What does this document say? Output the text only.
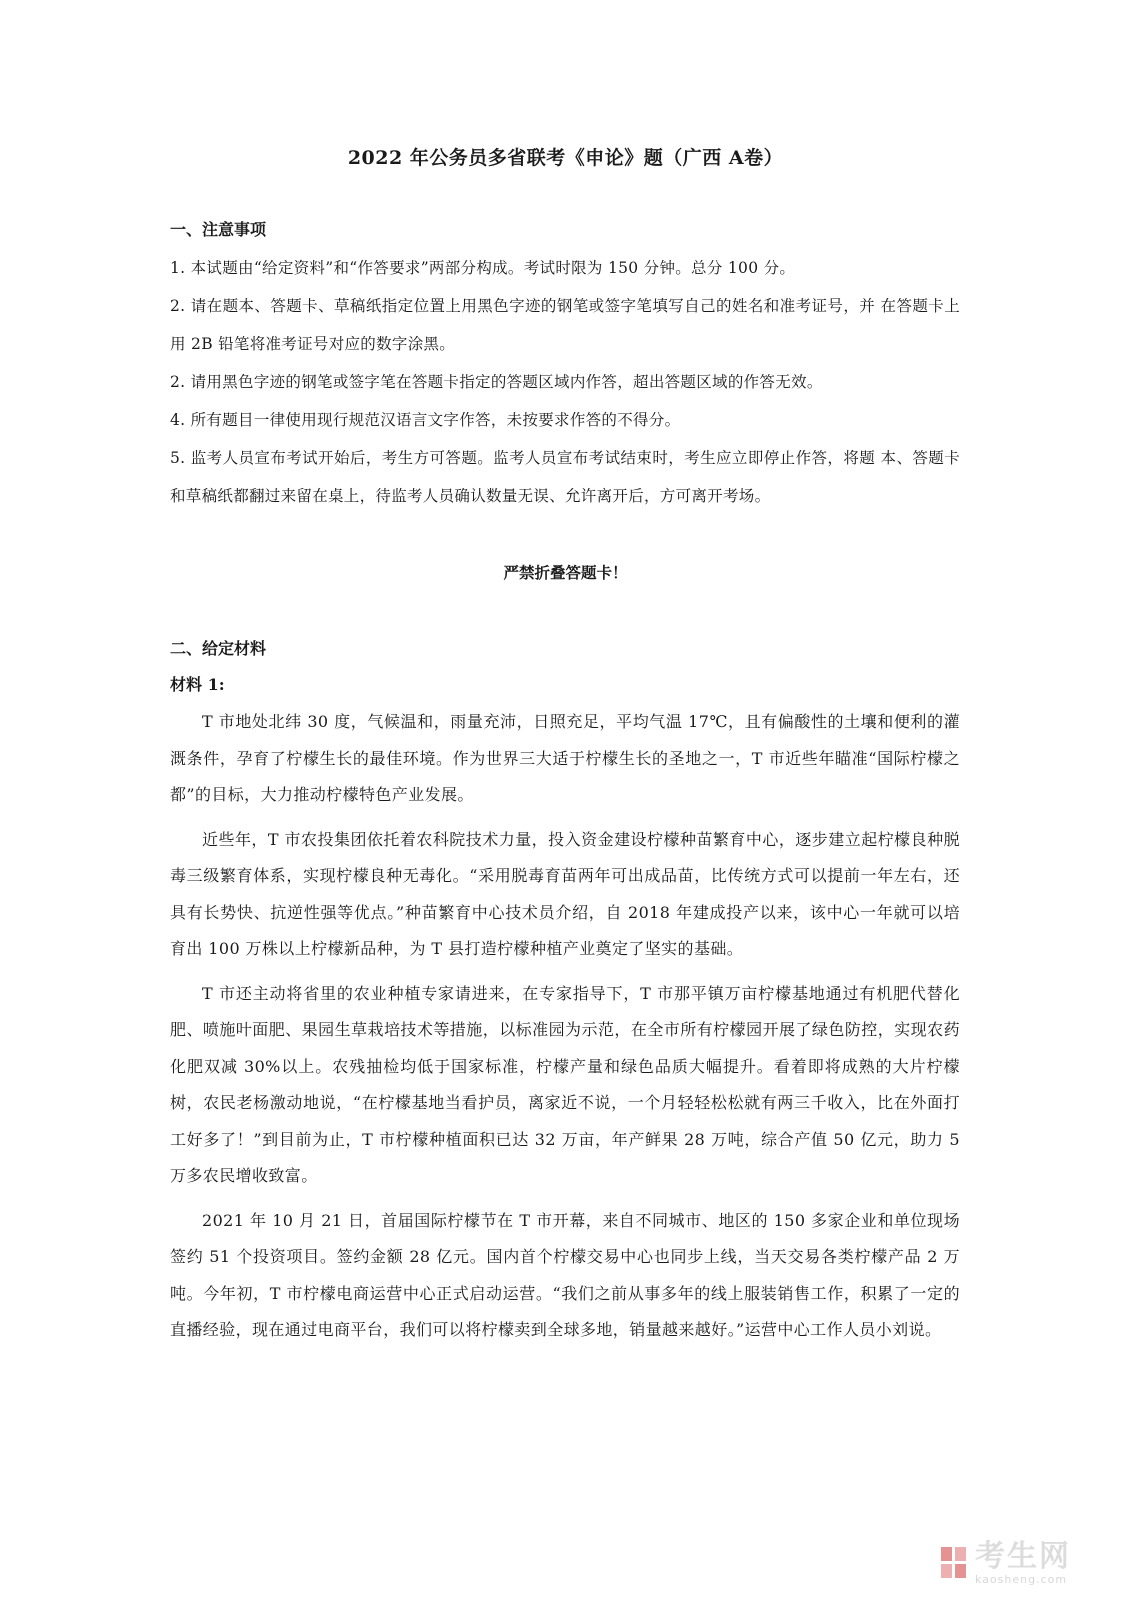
2022 年公务员多省联考《申论》题（广西 A卷）
一、注意事项

1. 本试题由“给定资料”和“作答要求”两部分构成。考试时限为 150 分钟。总分 100 分。

2. 请在题本、答题卡、草稿纸指定位置上用黑色字迹的钢笔或签字笔填写自己的姓名和准考证号，并 在答题卡上用 2B 铅笔将准考证号对应的数字涂黑。

2. 请用黑色字迹的钢笔或签字笔在答题卡指定的答题区域内作答，超出答题区域的作答无效。

4. 所有题目一律使用现行规范汉语言文字作答，未按要求作答的不得分。

5. 监考人员宣布考试开始后，考生方可答题。监考人员宣布考试结束时，考生应立即停止作答，将题 本、答题卡和草稿纸都翻过来留在桌上，待监考人员确认数量无误、允许离开后，方可离开考场。

严禁折叠答题卡！
二、给定材料
材料 1:

T 市地处北纬 30 度，气候温和，雨量充沛，日照充足，平均气温 17℃，且有偏酸性的土壤和便利的灌溉条件，孕育了柠檬生长的最佳环境。作为世界三大适于柠檬生长的圣地之一，T 市近些年瞄准“国际柠檬之都”的目标，大力推动柠檬特色产业发展。

近些年，T 市农投集团依托着农科院技术力量，投入资金建设柠檬种苗繁育中心，逐步建立起柠檬良种脱毒三级繁育体系，实现柠檬良种无毒化。“采用脱毒育苗两年可出成品苗，比传统方式可以提前一年左右，还具有长势快、抗逆性强等优点。”种苗繁育中心技术员介绍，自 2018 年建成投产以来，该中心一年就可以培育出 100 万株以上柠檬新品种，为 T 县打造柠檬种植产业奠定了坚实的基础。

T 市还主动将省里的农业种植专家请进来，在专家指导下，T 市那平镇万亩柠檬基地通过有机肥代替化肥、喷施叶面肥、果园生草栽培技术等措施，以标准园为示范，在全市所有柠檬园开展了绿色防控，实现农药化肥双减 30%以上。农残抽检均低于国家标准，柠檬产量和绿色品质大幅提升。看着即将成熟的大片柠檬树，农民老杨激动地说，“在柠檬基地当看护员，离家近不说，一个月轻轻松松就有两三千收入，比在外面打工好多了！”到目前为止，T 市柠檬种植面积已达 32 万亩，年产鲜果 28 万吨，综合产值 50 亿元，助力 5 万多农民增收致富。

2021 年 10 月 21 日，首届国际柠檬节在 T 市开幕，来自不同城市、地区的 150 多家企业和单位现场签约 51 个投资项目。签约金额 28 亿元。国内首个柠檬交易中心也同步上线，当天交易各类柠檬产品 2 万吨。今年初，T 市柠檬电商运营中心正式启动运营。“我们之前从事多年的线上服装销售工作，积累了一定的直播经验，现在通过电商平台，我们可以将柠檬卖到全球多地，销量越来越好。”运营中心工作人员小刘说。

考生网
kaosheng.com
